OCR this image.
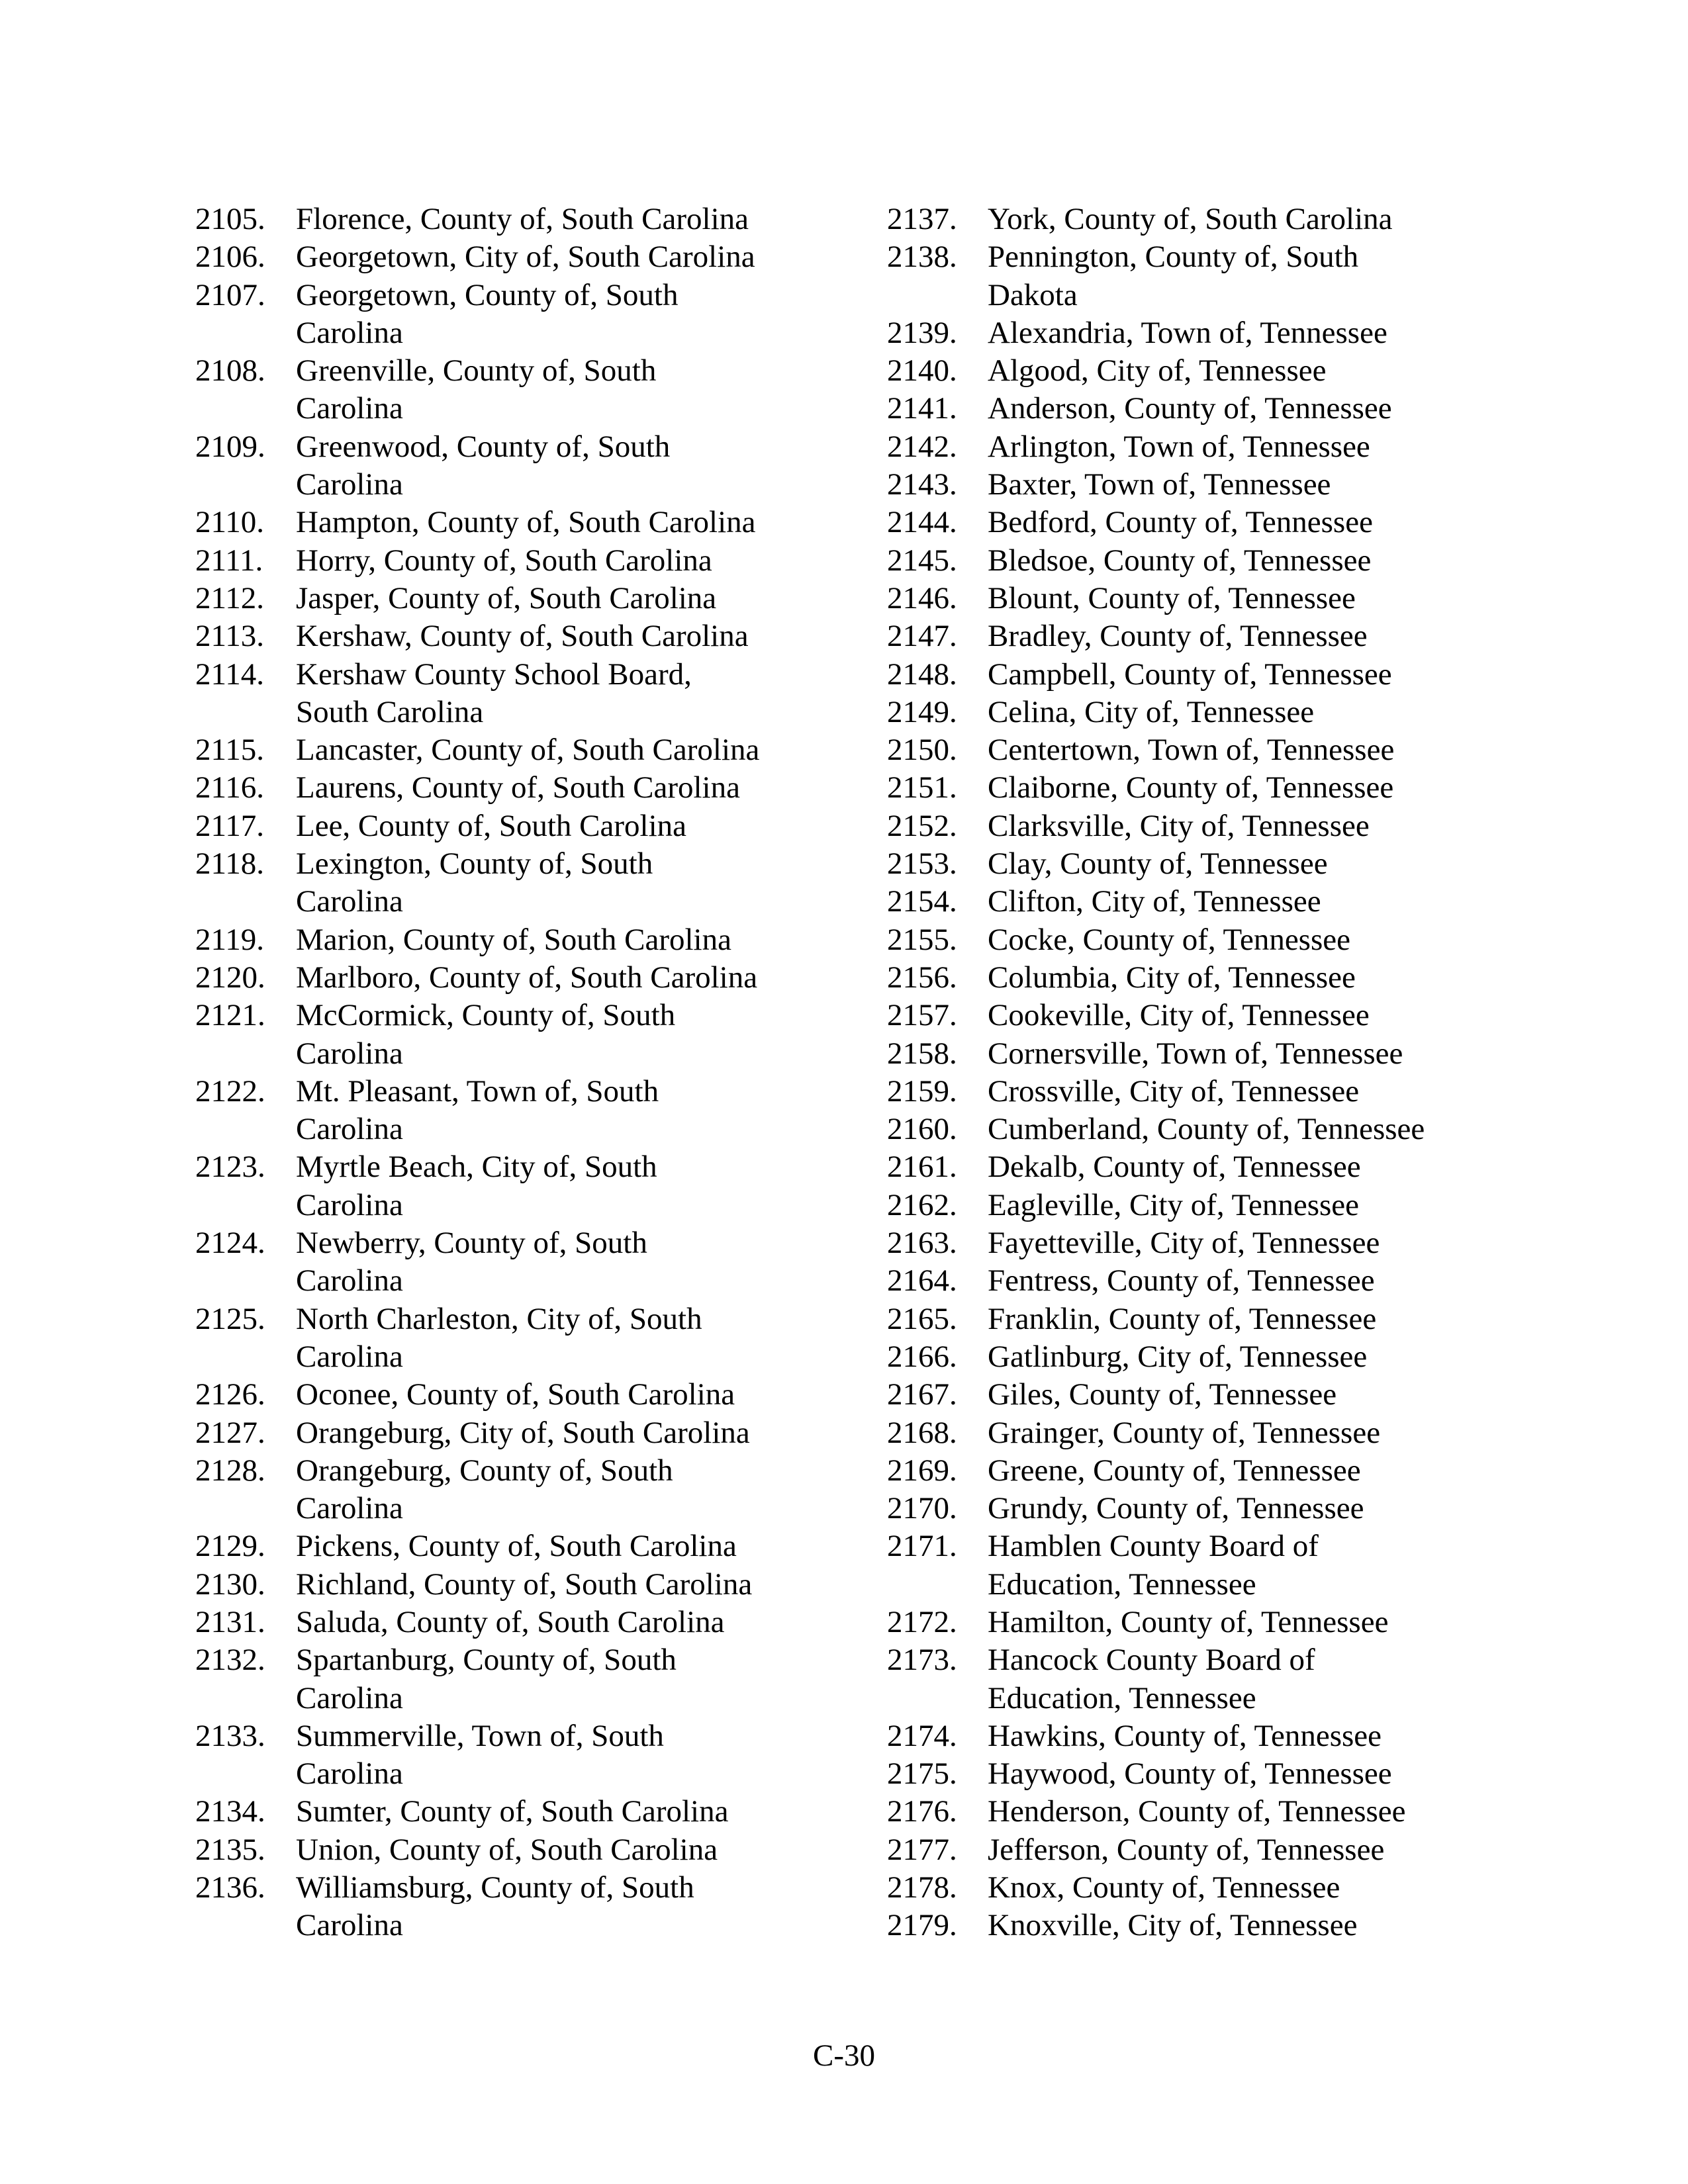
2105. Florence, County of, South Carolina
2106. Georgetown, City of, South Carolina
2107. Georgetown, County of, South
Carolina
2108. Greenville, County of, South
Carolina
2109. Greenwood, County of, South
Carolina
2110.	Hampton, County of, South Carolina
2111.	Horry, County of, South Carolina
2112.	Jasper, County of, South Carolina
2113.	Kershaw, County of, South Carolina
2114.	Kershaw County School Board,
South Carolina
2115.	Lancaster, County of, South Carolina
2116.	Laurens, County of, South Carolina
2117.	Lee, County of, South Carolina
2118.	Lexington, County of, South
Carolina
2119.	Marion, County of, South Carolina
2120. Marlboro, County of, South Carolina
2121. McCormick, County of, South
Carolina
2122. Mt. Pleasant, Town of, South
Carolina
2123. Myrtle Beach, City of, South
Carolina
2124. Newberry, County of, South
Carolina
2125. North Charleston, City of, South
Carolina
2126. Oconee, County of, South Carolina
2127. Orangeburg, City of, South Carolina
2128. Orangeburg, County of, South
Carolina
2129. Pickens, County of, South Carolina
2130. Richland, County of, South Carolina
2131. Saluda, County of, South Carolina
2132. Spartanburg, County of, South
Carolina
2133. Summerville, Town of, South
Carolina
2134. Sumter, County of, South Carolina
2135. Union, County of, South Carolina
2136. Williamsburg, County of, South
Carolina
2137. York, County of, South Carolina
2138. Pennington, County of, South
Dakota
2139. Alexandria, Town of, Tennessee
2140. Algood, City of, Tennessee
2141. Anderson, County of, Tennessee
2142. Arlington, Town of, Tennessee
2143. Baxter, Town of, Tennessee
2144. Bedford, County of, Tennessee
2145. Bledsoe, County of, Tennessee
2146. Blount, County of, Tennessee
2147. Bradley, County of, Tennessee
2148. Campbell, County of, Tennessee
2149. Celina, City of, Tennessee
2150. Centertown, Town of, Tennessee
2151. Claiborne, County of, Tennessee
2152. Clarksville, City of, Tennessee
2153. Clay, County of, Tennessee
2154. Clifton, City of, Tennessee
2155. Cocke, County of, Tennessee
2156. Columbia, City of, Tennessee
2157. Cookeville, City of, Tennessee
2158. Cornersville, Town of, Tennessee
2159. Crossville, City of, Tennessee
2160. Cumberland, County of, Tennessee
2161. Dekalb, County of, Tennessee
2162. Eagleville, City of, Tennessee
2163. Fayetteville, City of, Tennessee
2164. Fentress, County of, Tennessee
2165. Franklin, County of, Tennessee
2166. Gatlinburg, City of, Tennessee
2167. Giles, County of, Tennessee
2168. Grainger, County of, Tennessee
2169. Greene, County of, Tennessee
2170. Grundy, County of, Tennessee
2171. Hamblen County Board of
Education, Tennessee
2172. Hamilton, County of, Tennessee
2173. Hancock County Board of
Education, Tennessee
2174. Hawkins, County of, Tennessee
2175. Haywood, County of, Tennessee
2176. Henderson, County of, Tennessee
2177. Jefferson, County of, Tennessee
2178. Knox, County of, Tennessee
2179. Knoxville, City of, Tennessee
C-30
